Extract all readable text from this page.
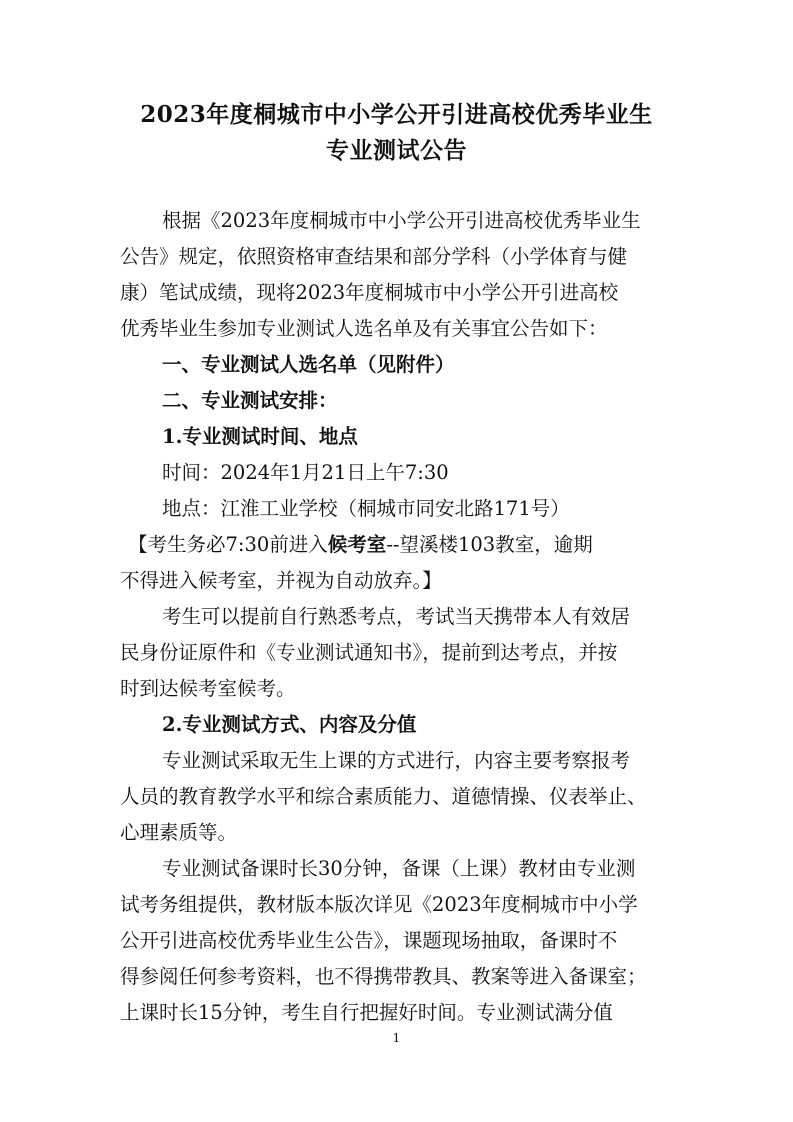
2023年度桐城市中小学公开引进高校优秀毕业生
专业测试公告
根据《2023年度桐城市中小学公开引进高校优秀毕业生
公告》规定，依照资格审查结果和部分学科（小学体育与健
康）笔试成绩，现将2023年度桐城市中小学公开引进高校
优秀毕业生参加专业测试人选名单及有关事宜公告如下：
一、专业测试人选名单（见附件）
二、专业测试安排：
1.专业测试时间、地点
时间：2024年1月21日上午7:30
地点：江淮工业学校（桐城市同安北路171号）
【考生务必7:30前进入候考室--望溪楼103教室，逾期
不得进入候考室，并视为自动放弃。】
考生可以提前自行熟悉考点，考试当天携带本人有效居
民身份证原件和《专业测试通知书》，提前到达考点，并按
时到达候考室候考。
2.专业测试方式、内容及分值
专业测试采取无生上课的方式进行，内容主要考察报考
人员的教育教学水平和综合素质能力、道德情操、仪表举止、
心理素质等。
专业测试备课时长30分钟，备课（上课）教材由专业测
试考务组提供，教材版本版次详见《2023年度桐城市中小学
公开引进高校优秀毕业生公告》，课题现场抽取，备课时不
得参阅任何参考资料，也不得携带教具、教案等进入备课室；
上课时长15分钟，考生自行把握好时间。专业测试满分值
1
